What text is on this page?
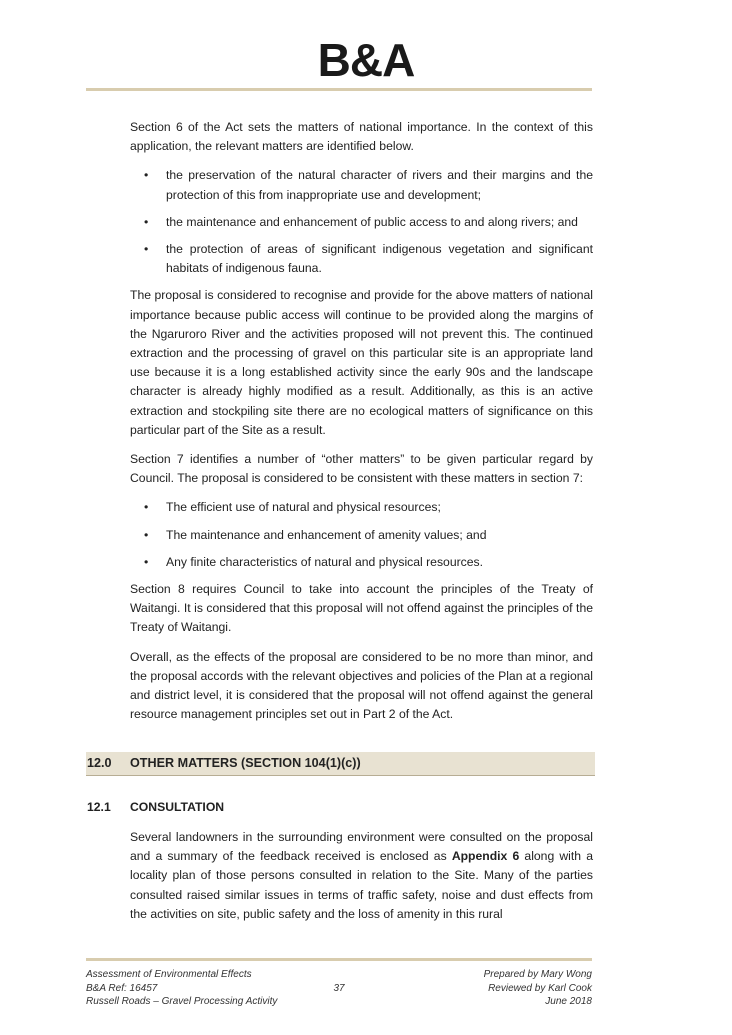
B&A

Section 6 of the Act sets the matters of national importance. In the context of this application, the relevant matters are identified below.

• the preservation of the natural character of rivers and their margins and the protection of this from inappropriate use and development;
• the maintenance and enhancement of public access to and along rivers; and
• the protection of areas of significant indigenous vegetation and significant habitats of indigenous fauna.

The proposal is considered to recognise and provide for the above matters of national importance because public access will continue to be provided along the margins of the Ngaruroro River and the activities proposed will not prevent this. The continued extraction and the processing of gravel on this particular site is an appropriate land use because it is a long established activity since the early 90s and the landscape character is already highly modified as a result. Additionally, as this is an active extraction and stockpiling site there are no ecological matters of significance on this particular part of the Site as a result.

Section 7 identifies a number of “other matters” to be given particular regard by Council. The proposal is considered to be consistent with these matters in section 7:

• The efficient use of natural and physical resources;
• The maintenance and enhancement of amenity values; and
• Any finite characteristics of natural and physical resources.

Section 8 requires Council to take into account the principles of the Treaty of Waitangi. It is considered that this proposal will not offend against the principles of the Treaty of Waitangi.

Overall, as the effects of the proposal are considered to be no more than minor, and the proposal accords with the relevant objectives and policies of the Plan at a regional and district level, it is considered that the proposal will not offend against the general resource management principles set out in Part 2 of the Act.

12.0 OTHER MATTERS (SECTION 104(1)(c))
12.1 CONSULTATION

Several landowners in the surrounding environment were consulted on the proposal and a summary of the feedback received is enclosed as Appendix 6 along with a locality plan of those persons consulted in relation to the Site. Many of the parties consulted raised similar issues in terms of traffic safety, noise and dust effects from the activities on site, public safety and the loss of amenity in this rural

Assessment of Environmental Effects
B&A Ref: 16457
Russell Roads – Gravel Processing Activity
37
Prepared by Mary Wong
Reviewed by Karl Cook
June 2018
